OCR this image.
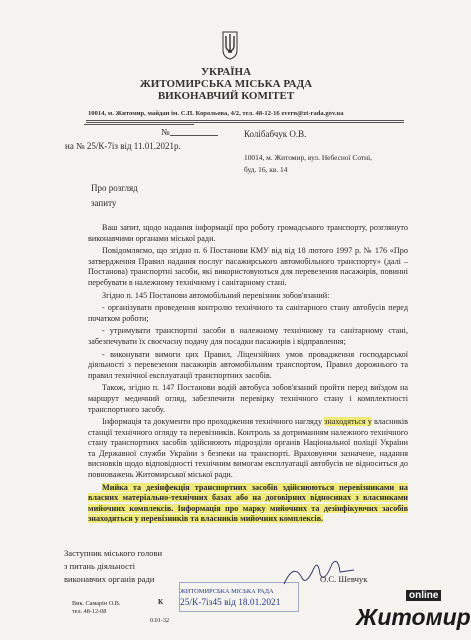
УКРАЇНА
ЖИТОМИРСЬКА МІСЬКА РАДА
ВИКОНАВЧИЙ КОМІТЕТ
10014, м. Житомир, майдан ім. С.П. Корольова, 4/2, тел. 48-12-16 zvern@zt-rada.gov.ua
№
на № 25/К-7із від 11.01.2021р.
Колібабчук О.В.
10014, м. Житомир, вул. Небесної Сотні,
буд. 16, кв. 14
Про розгляд
запиту

Ваш запит, щодо надання інформації про роботу громадського транспорту, розглянуто виконавчими органами міської ради.

Повідомляємо, що згідно п. 6 Постанови КМУ від від 18 лютого 1997 р. № 176 «Про затвердження Правил надання послуг пасажирського автомобільного транспорту» (далі – Постанова) транспортні засоби, які використовуються для перевезення пасажирів, повинні перебувати в належному технічному і санітарному стані.

Згідно п. 145 Постанови автомобільний перевізник зобов'язаний:

- організувати проведення контролю технічного та санітарного стану автобусів перед початком роботи;

- утримувати транспортні засоби в належному технічному та санітарному стані, забезпечувати їх своєчасну подачу для посадки пасажирів і відправлення;

- виконувати вимоги цих Правил, Ліцензійних умов провадження господарської діяльності з перевезення пасажирів автомобільним транспортом, Правил дорожнього та правил технічної експлуатації транспортних засобів.

Також, згідно п. 147 Постанови водій автобуса зобов'язаний пройти перед виїздом на маршрут медичний огляд, забезпечити перевірку технічного стану і комплектності транспортного засобу.

Інформація та документи про проходження технічного нагляду знаходяться у власників станції технічного огляду та перевізників. Контроль за дотриманням належного технічного стану транспортних засобів здійснюють підрозділи органів Національної поліції України та Державної служби України з безпеки на транспорті. Враховуючи зазначене, надання висновків щодо відповідності технічним вимогам експлуатації автобусів не відноситься до повноважень Житомирської міської ради.

Мийка та дезінфекція транспортних засобів здійснюються перевізниками на власних матеріально-технічних базах або на договірних відносинах з власниками мийочних комплексів. Інформація про марку мийочних та дезінфікуючих засобів знаходяться у перевізників та власників мийочних комплексів.

Заступник міського голови
з питань діяльності
виконавчих органів ради	О.С. Шевчук
Вик. Самарін О.В.
тел. 48-12-08
К
0.01-32
ЖИТОМИРСЬКА МІСЬКА РАДА
25/К-7із45 від 18.01.2021
online
Житомир
